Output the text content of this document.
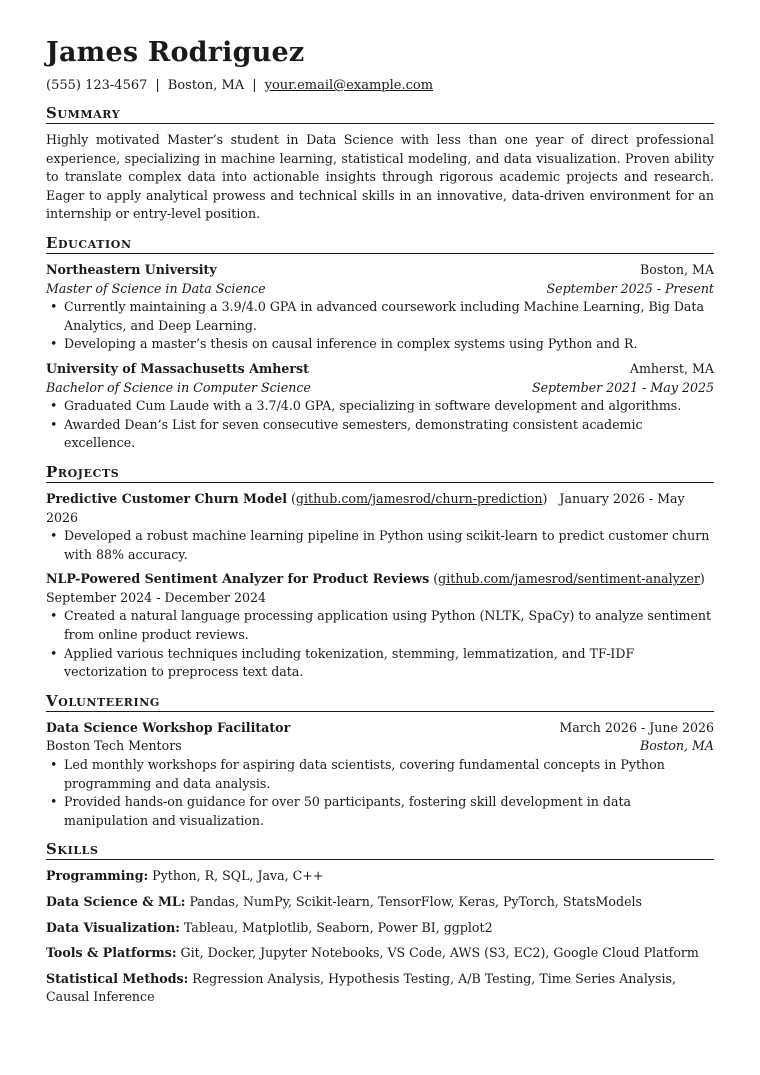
James Rodriguez
(555) 123-4567 | Boston, MA | your.email@example.com
Summary
Highly motivated Master’s student in Data Science with less than one year of direct professional experience, specializing in machine learning, statistical modeling, and data visualization. Proven ability to translate complex data into actionable insights through rigorous academic projects and research. Eager to apply analytical prowess and technical skills in an innovative, data-driven environment for an internship or entry-level position.
Education
Northeastern University	Boston, MA
Master of Science in Data Science	September 2025 - Present
• Currently maintaining a 3.9/4.0 GPA in advanced coursework including Machine Learning, Big Data Analytics, and Deep Learning.
• Developing a master’s thesis on causal inference in complex systems using Python and R.
University of Massachusetts Amherst	Amherst, MA
Bachelor of Science in Computer Science	September 2021 - May 2025
• Graduated Cum Laude with a 3.7/4.0 GPA, specializing in software development and algorithms.
• Awarded Dean’s List for seven consecutive semesters, demonstrating consistent academic excellence.
Projects
Predictive Customer Churn Model (github.com/jamesrod/churn-prediction) January 2026 - May 2026
• Developed a robust machine learning pipeline in Python using scikit-learn to predict customer churn with 88% accuracy.
NLP-Powered Sentiment Analyzer for Product Reviews (github.com/jamesrod/sentiment-analyzer)
September 2024 - December 2024
• Created a natural language processing application using Python (NLTK, SpaCy) to analyze sentiment from online product reviews.
• Applied various techniques including tokenization, stemming, lemmatization, and TF-IDF vectorization to preprocess text data.
Volunteering
Data Science Workshop Facilitator	March 2026 - June 2026
Boston Tech Mentors	Boston, MA
• Led monthly workshops for aspiring data scientists, covering fundamental concepts in Python programming and data analysis.
• Provided hands-on guidance for over 50 participants, fostering skill development in data manipulation and visualization.
Skills
Programming: Python, R, SQL, Java, C++
Data Science & ML: Pandas, NumPy, Scikit-learn, TensorFlow, Keras, PyTorch, StatsModels
Data Visualization: Tableau, Matplotlib, Seaborn, Power BI, ggplot2
Tools & Platforms: Git, Docker, Jupyter Notebooks, VS Code, AWS (S3, EC2), Google Cloud Platform
Statistical Methods: Regression Analysis, Hypothesis Testing, A/B Testing, Time Series Analysis, Causal Inference
